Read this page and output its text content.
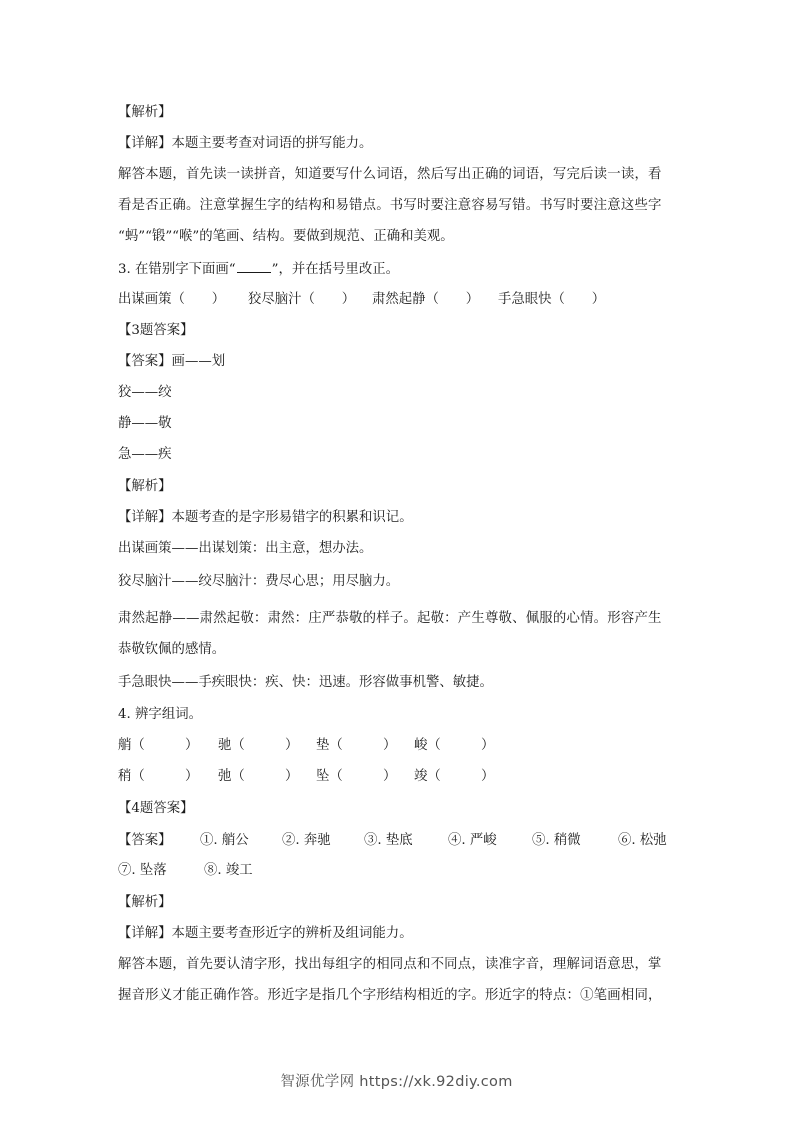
【解析】
【详解】本题主要考查对词语的拼写能力。
解答本题，首先读一读拼音，知道要写什么词语，然后写出正确的词语，写完后读一读，看
看是否正确。注意掌握生字的结构和易错点。书写时要注意容易写错。书写时要注意这些字
“蚂”“锻”“喉”的笔画、结构。要做到规范、正确和美观。
3. 在错别字下面画“	”，并在括号里改正。
出谋画策（　　） 狡尽脑汁（　　） 肃然起静（　　） 手急眼快（　　）
【3题答案】
【答案】画——划
狡——绞
静——敬
急——疾
【解析】
【详解】本题考查的是字形易错字的积累和识记。
出谋画策——出谋划策：出主意，想办法。
狡尽脑汁——绞尽脑汁：费尽心思；用尽脑力。
肃然起静——肃然起敬：肃然：庄严恭敬的样子。起敬：产生尊敬、佩服的心情。形容产生
恭敬钦佩的感情。
手急眼快——手疾眼快：疾、快：迅速。形容做事机警、敏捷。
4. 辨字组词。
艄（　　　） 驰（　　　） 垫（　　　） 峻（　　　）
稍（　　　） 弛（　　　） 坠（　　　） 竣（　　　）
【4题答案】
【答案】 ①. 艄公 ②. 奔驰 ③. 垫底	④. 严峻	⑤. 稍微	⑥. 松弛
⑦. 坠落	⑧. 竣工
【解析】
【详解】本题主要考查形近字的辨析及组词能力。
解答本题，首先要认清字形，找出每组字的相同点和不同点，读准字音，理解词语意思，掌
握音形义才能正确作答。形近字是指几个字形结构相近的字。形近字的特点：①笔画相同，
智源优学网 https://xk.92diy.com
